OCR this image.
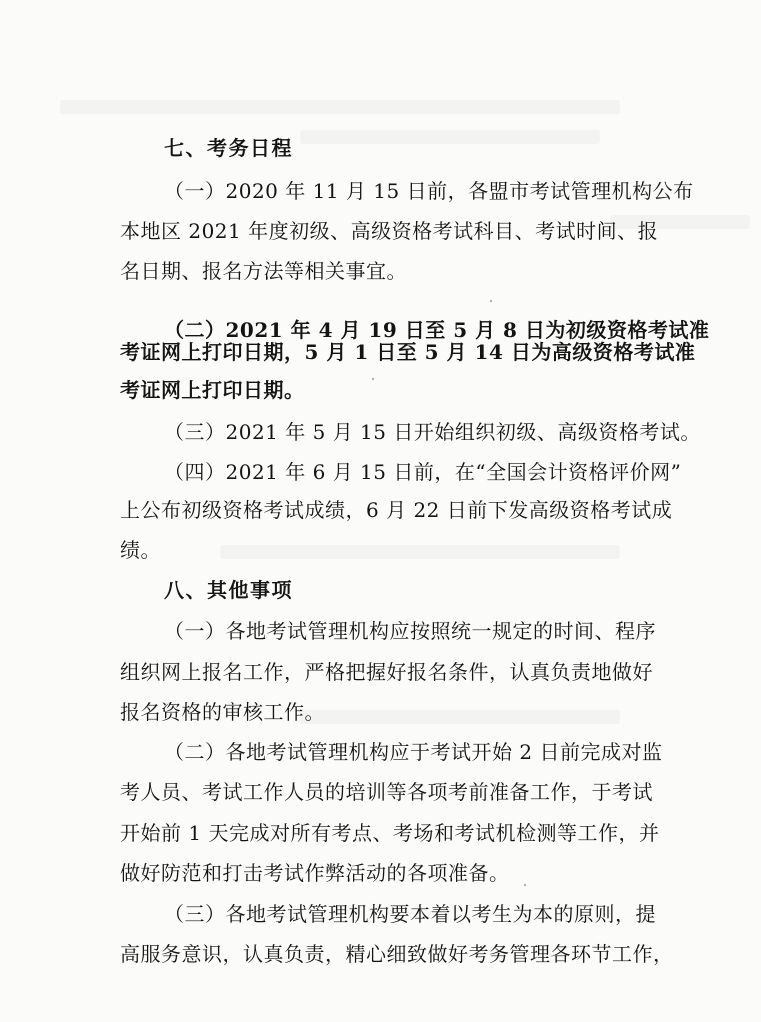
七、考务日程
（一）2020 年 11 月 15 日前，各盟市考试管理机构公布
本地区 2021 年度初级、高级资格考试科目、考试时间、报
名日期、报名方法等相关事宜。
（二）2021 年 4 月 19 日至 5 月 8 日为初级资格考试准
考证网上打印日期，5 月 1 日至 5 月 14 日为高级资格考试准
考证网上打印日期。
（三）2021 年 5 月 15 日开始组织初级、高级资格考试。
（四）2021 年 6 月 15 日前，在“全国会计资格评价网”
上公布初级资格考试成绩，6 月 22 日前下发高级资格考试成
绩。
八、其他事项
（一）各地考试管理机构应按照统一规定的时间、程序
组织网上报名工作，严格把握好报名条件，认真负责地做好
报名资格的审核工作。
（二）各地考试管理机构应于考试开始 2 日前完成对监
考人员、考试工作人员的培训等各项考前准备工作，于考试
开始前 1 天完成对所有考点、考场和考试机检测等工作，并
做好防范和打击考试作弊活动的各项准备。
（三）各地考试管理机构要本着以考生为本的原则，提
高服务意识，认真负责，精心细致做好考务管理各环节工作，
